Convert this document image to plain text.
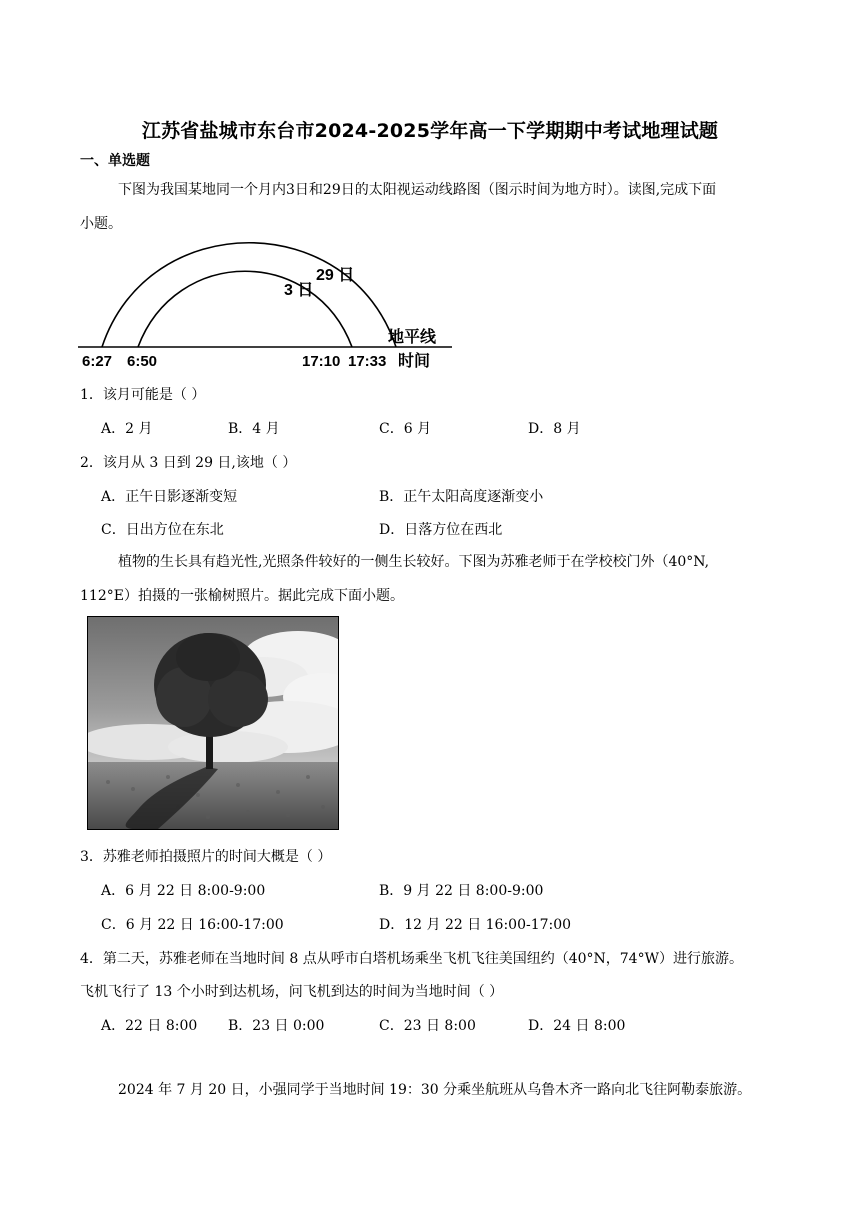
江苏省盐城市东台市2024-2025学年高一下学期期中考试地理试题
一、单选题
下图为我国某地同一个月内3日和29日的太阳视运动线路图（图示时间为地方时）。读图,完成下面
小题。
29 日
3 日
地平线
6:27 6:50	17:10 17:33 时间
1．该月可能是（ ）
A．2 月	B．4 月	C．6 月	D．8 月
2．该月从 3 日到 29 日,该地（ ）
A．正午日影逐渐变短	B．正午太阳高度逐渐变小
C．日出方位在东北	D．日落方位在西北
植物的生长具有趋光性,光照条件较好的一侧生长较好。下图为苏雅老师于在学校校门外（40°N,
112°E）拍摄的一张榆树照片。据此完成下面小题。
3．苏雅老师拍摄照片的时间大概是（ ）
A．6 月 22 日 8:00-9:00	B．9 月 22 日 8:00-9:00
C．6 月 22 日 16:00-17:00	D．12 月 22 日 16:00-17:00
4．第二天，苏雅老师在当地时间 8 点从呼市白塔机场乘坐飞机飞往美国纽约（40°N，74°W）进行旅游。
飞机飞行了 13 个小时到达机场，问飞机到达的时间为当地时间（ ）
A．22 日 8:00 B．23 日 0:00	C．23 日 8:00	D．24 日 8:00
2024 年 7 月 20 日，小强同学于当地时间 19：30 分乘坐航班从乌鲁木齐一路向北飞往阿勒泰旅游。
